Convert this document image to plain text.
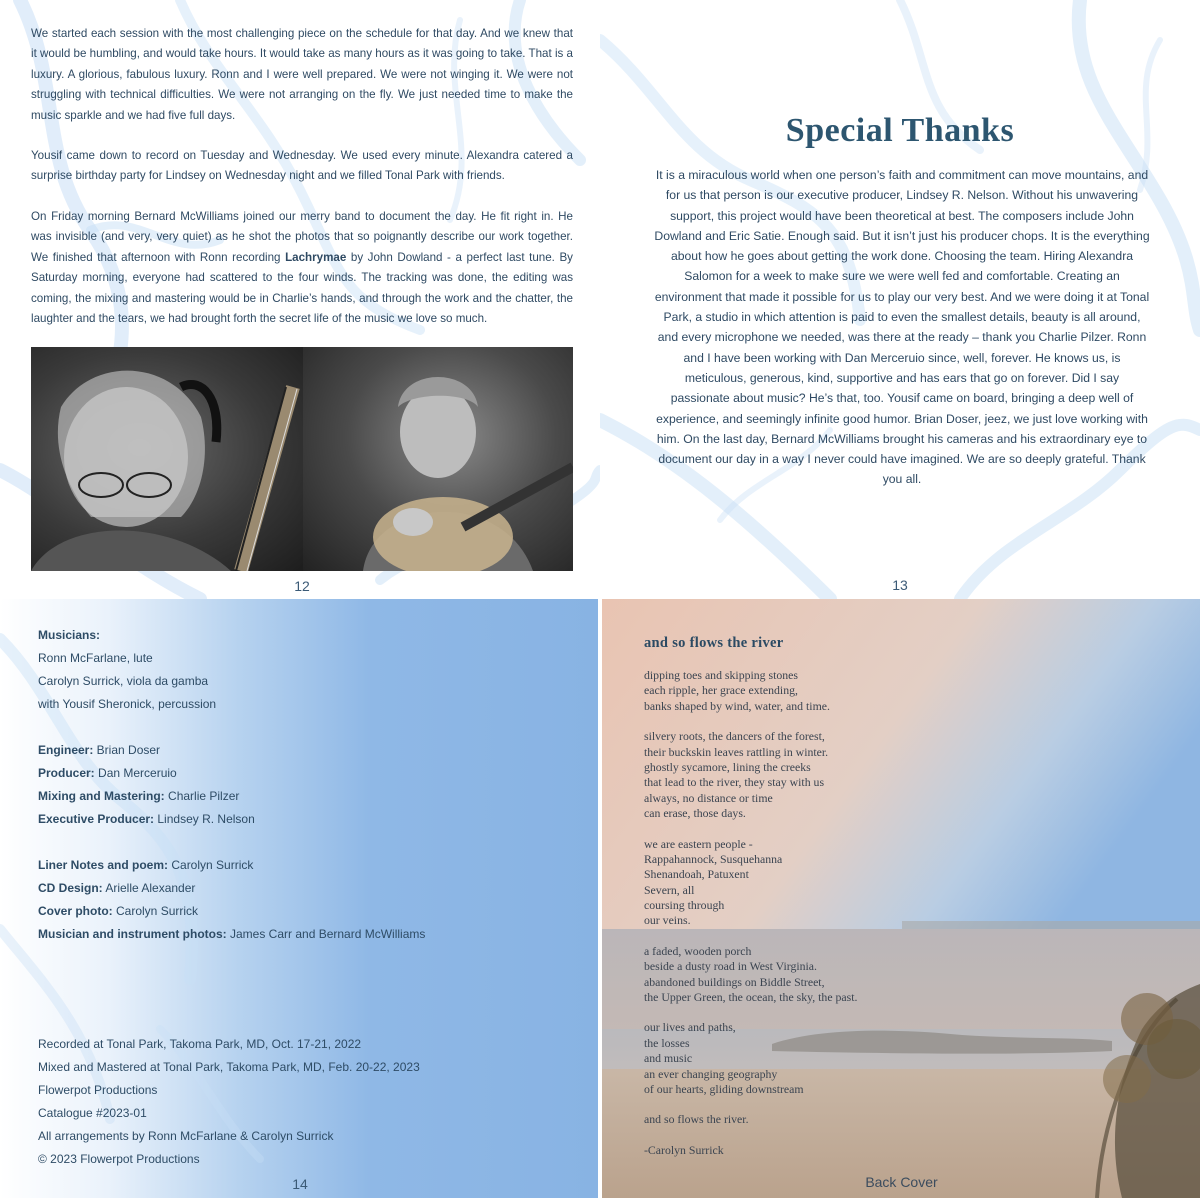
We started each session with the most challenging piece on the schedule for that day. And we knew that it would be humbling, and would take hours. It would take as many hours as it was going to take. That is a luxury. A glorious, fabulous luxury. Ronn and I were well prepared. We were not winging it. We were not struggling with technical difficulties. We were not arranging on the fly. We just needed time to make the music sparkle and we had five full days.

Yousif came down to record on Tuesday and Wednesday. We used every minute. Alexandra catered a surprise birthday party for Lindsey on Wednesday night and we filled Tonal Park with friends.

On Friday morning Bernard McWilliams joined our merry band to document the day. He fit right in. He was invisible (and very, very quiet) as he shot the photos that so poignantly describe our work together. We finished that afternoon with Ronn recording Lachrymae by John Dowland - a perfect last tune. By Saturday morning, everyone had scattered to the four winds. The tracking was done, the editing was coming, the mixing and mastering would be in Charlie’s hands, and through the work and the chatter, the laughter and the tears, we had brought forth the secret life of the music we love so much.

12
Special Thanks
13

It is a miraculous world when one person’s faith and commitment can move mountains, and for us that person is our executive producer, Lindsey R. Nelson. Without his unwavering support, this project would have been theoretical at best. The composers include John Dowland and Eric Satie. Enough said. But it isn’t just his producer chops. It is the everything about how he goes about getting the work done. Choosing the team. Hiring Alexandra Salomon for a week to make sure we were well fed and comfortable. Creating an environment that made it possible for us to play our very best. And we were doing it at Tonal Park, a studio in which attention is paid to even the smallest details, beauty is all around, and every microphone we needed, was there at the ready – thank you Charlie Pilzer. Ronn and I have been working with Dan Merceruio since, well, forever. He knows us, is meticulous, generous, kind, supportive and has ears that go on forever. Did I say passionate about music? He’s that, too. Yousif came on board, bringing a deep well of experience, and seemingly infinite good humor. Brian Doser, jeez, we just love working with him. On the last day, Bernard McWilliams brought his cameras and his extraordinary eye to document our day in a way I never could have imagined. We are so deeply grateful. Thank you all.

Musicians:
Ronn McFarlane, lute
Carolyn Surrick, viola da gamba
with Yousif Sheronick, percussion
Engineer: Brian Doser
Producer: Dan Merceruio
Mixing and Mastering: Charlie Pilzer
Executive Producer: Lindsey R. Nelson
Liner Notes and poem: Carolyn Surrick
CD Design: Arielle Alexander
Cover photo: Carolyn Surrick
Musician and instrument photos: James Carr and Bernard McWilliams
Recorded at Tonal Park, Takoma Park, MD, Oct. 17-21, 2022
Mixed and Mastered at Tonal Park, Takoma Park, MD, Feb. 20-22, 2023
Flowerpot Productions
Catalogue #2023-01
All arrangements by Ronn McFarlane & Carolyn Surrick
© 2023 Flowerpot Productions
14
and so flows the river
dipping toes and skipping stones
each ripple, her grace extending,
banks shaped by wind, water, and time.
silvery roots, the dancers of the forest,
their buckskin leaves rattling in winter.
ghostly sycamore, lining the creeks
that lead to the river, they stay with us
always, no distance or time
can erase, those days.
we are eastern people -
Rappahannock, Susquehanna
Shenandoah, Patuxent
Severn, all
coursing through
our veins.
a faded, wooden porch
beside a dusty road in West Virginia.
abandoned buildings on Biddle Street,
the Upper Green, the ocean, the sky, the past.
our lives and paths,
the losses
and music
an ever changing geography
of our hearts, gliding downstream
and so flows the river.
-Carolyn Surrick
Back Cover
